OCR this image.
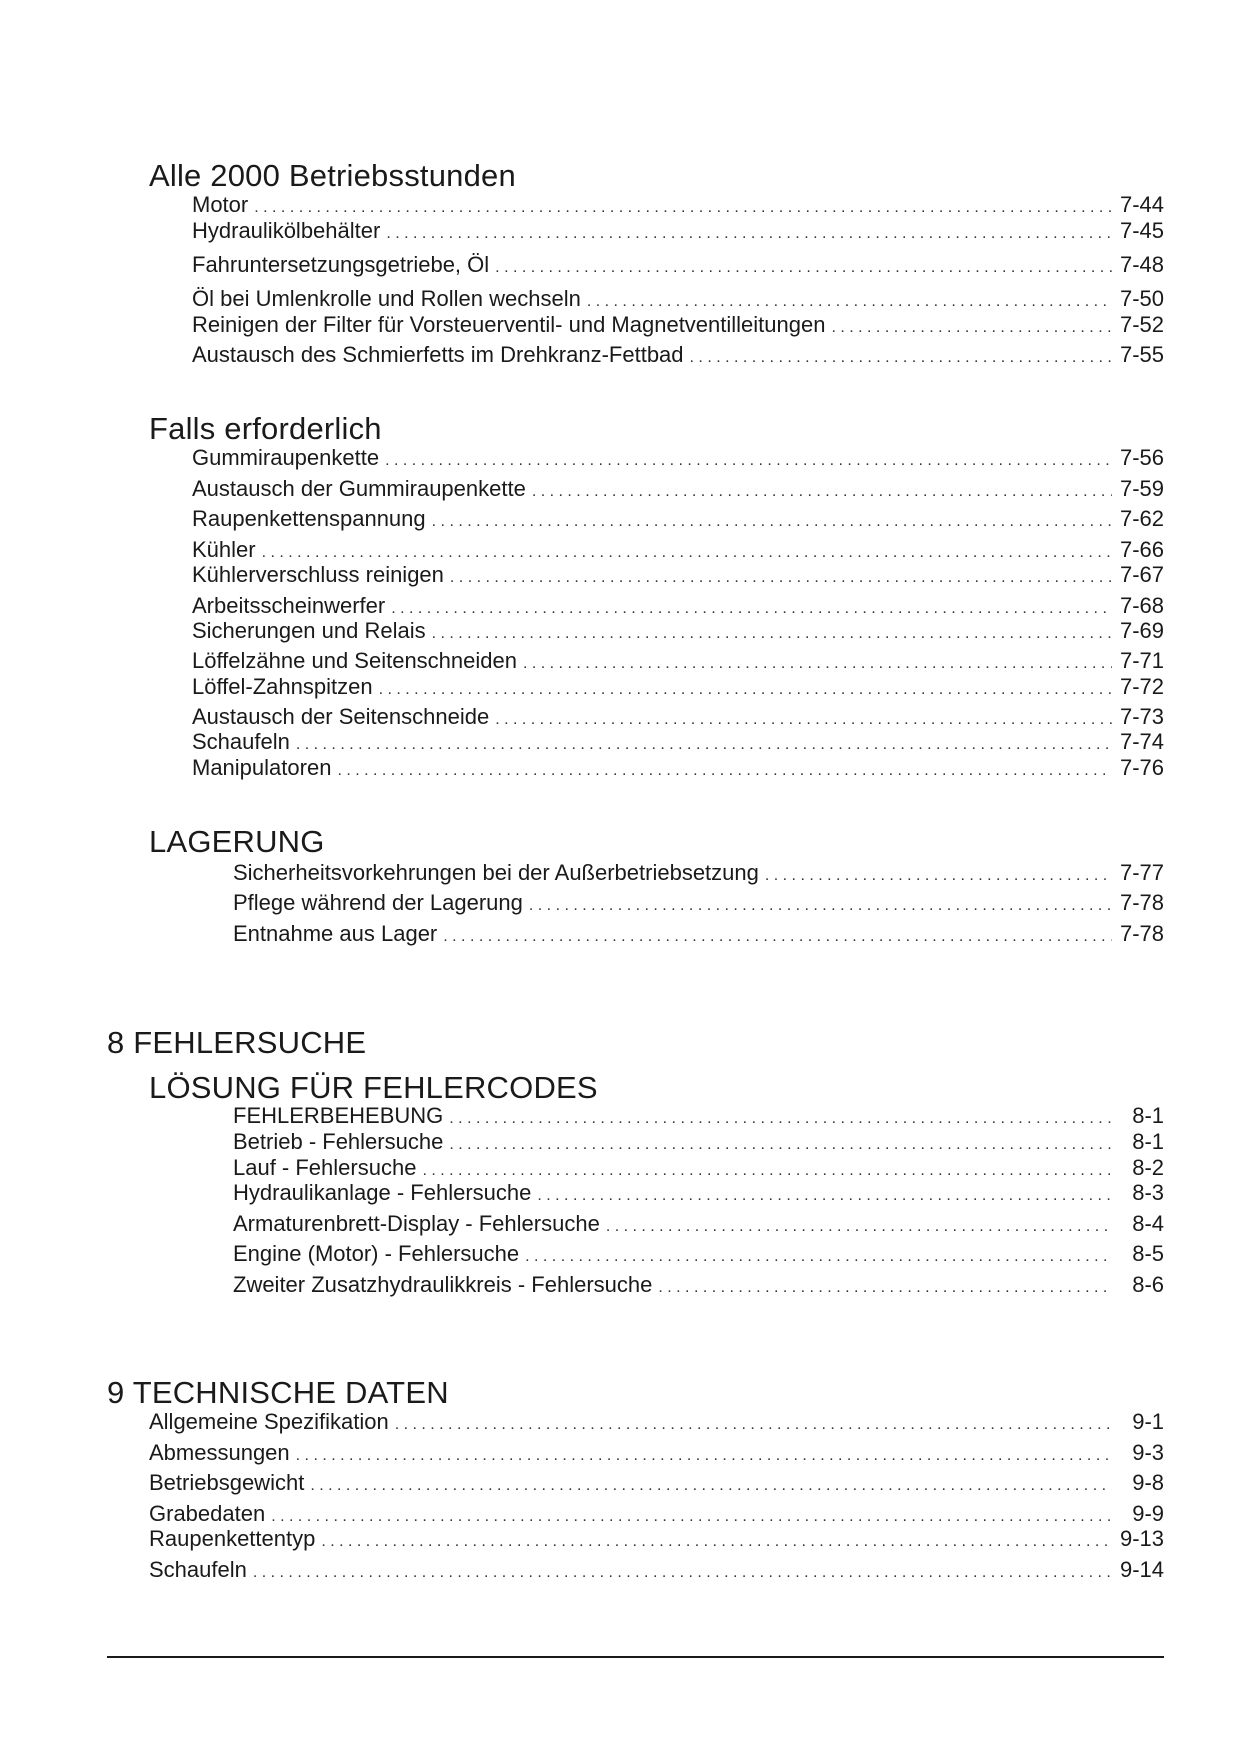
Alle 2000 Betriebsstunden
Motor . . .	7-44
Hydraulikölbehälter . . .	7-45
Fahruntersetzungsgetriebe, Öl . . .	7-48
Öl bei Umlenkrolle und Rollen wechseln . . .	7-50
Reinigen der Filter für Vorsteuerventil- und Magnetventilleitungen . . .	7-52
Austausch des Schmierfetts im Drehkranz-Fettbad . . .	7-55
Falls erforderlich
Gummiraupenkette . . .	7-56
Austausch der Gummiraupenkette . . .	7-59
Raupenkettenspannung . . .	7-62
Kühler . . .	7-66
Kühlerverschluss reinigen . . .	7-67
Arbeitsscheinwerfer . . .	7-68
Sicherungen und Relais . . .	7-69
Löffelzähne und Seitenschneiden . . .	7-71
Löffel-Zahnspitzen . . .	7-72
Austausch der Seitenschneide . . .	7-73
Schaufeln . . .	7-74
Manipulatoren . . .	7-76
LAGERUNG
Sicherheitsvorkehrungen bei der Außerbetriebsetzung . . .	7-77
Pflege während der Lagerung . . .	7-78
Entnahme aus Lager . . .	7-78
8 FEHLERSUCHE
LÖSUNG FÜR FEHLERCODES
FEHLERBEHEBUNG . . .	8-1
Betrieb - Fehlersuche . . .	8-1
Lauf - Fehlersuche . . .	8-2
Hydraulikanlage - Fehlersuche . . .	8-3
Armaturenbrett-Display - Fehlersuche . . .	8-4
Engine (Motor) - Fehlersuche . . .	8-5
Zweiter Zusatzhydraulikkreis - Fehlersuche . . .	8-6
9 TECHNISCHE DATEN
Allgemeine Spezifikation . . .	9-1
Abmessungen . . .	9-3
Betriebsgewicht . . .	9-8
Grabedaten . . .	9-9
Raupenkettentyp . . .	9-13
Schaufeln . . .	9-14
